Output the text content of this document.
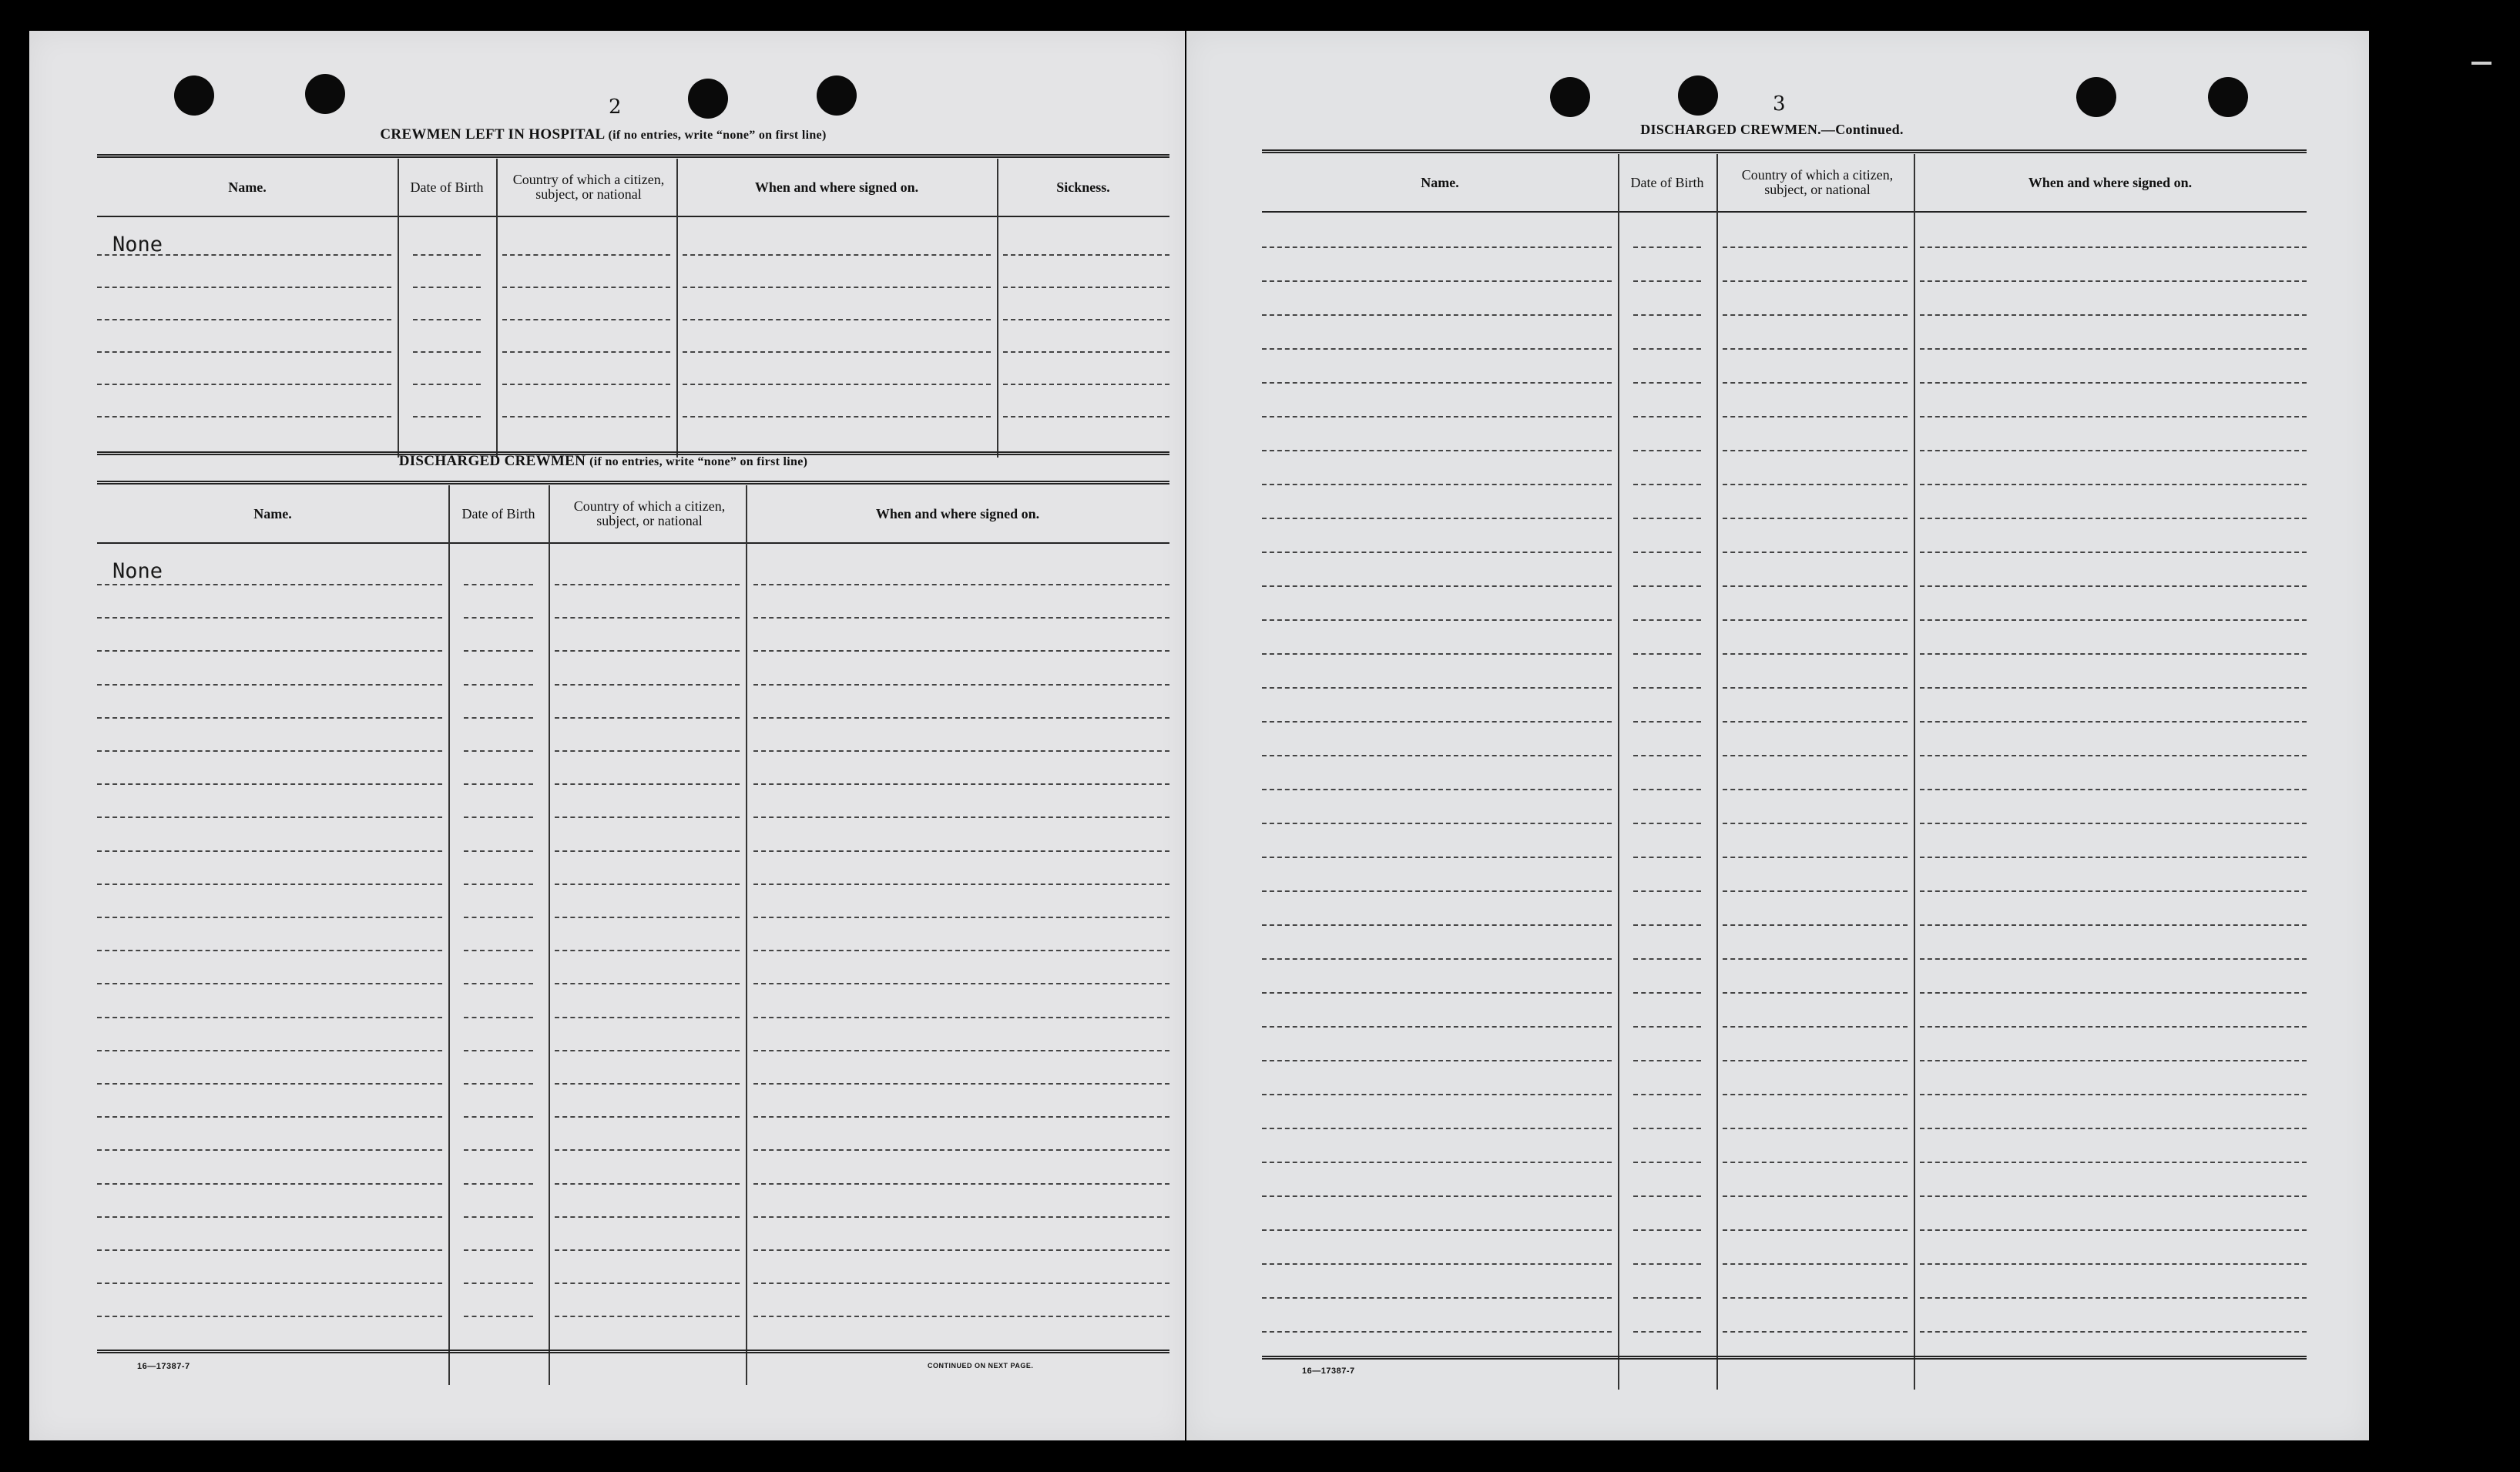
2
CREWMEN LEFT IN HOSPITAL (if no entries, write “none” on first line)
Name.	Date of Birth	Country of which a citizen, subject, or national	When and where signed on.	Sickness.
None
DISCHARGED CREWMEN (if no entries, write “none” on first line)
Name.	Date of Birth	Country of which a citizen, subject, or national	When and where signed on.
None
16—17387-7	CONTINUED ON NEXT PAGE.
3
DISCHARGED CREWMEN.—Continued.
Name.	Date of Birth	Country of which a citizen, subject, or national	When and where signed on.
16—17387-7
